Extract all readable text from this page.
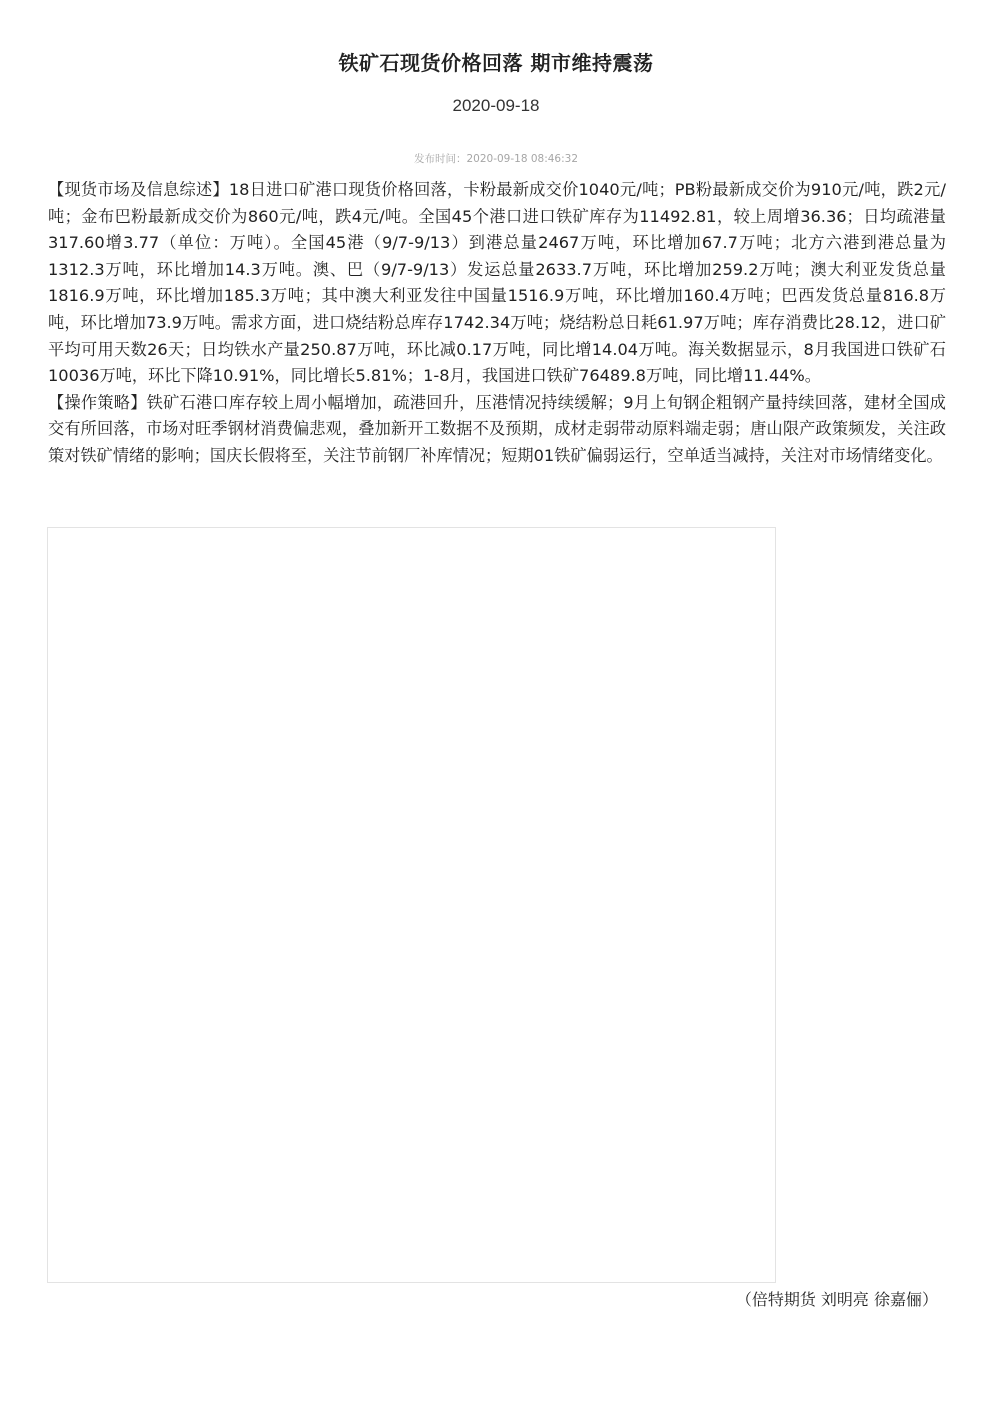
铁矿石现货价格回落 期市维持震荡
2020-09-18
发布时间：2020-09-18 08:46:32

【现货市场及信息综述】18日进口矿港口现货价格回落，卡粉最新成交价1040元/吨；PB粉最新成交价为910元/吨，跌2元/吨；金布巴粉最新成交价为860元/吨，跌4元/吨。全国45个港口进口铁矿库存为11492.81，较上周增36.36；日均疏港量317.60增3.77（单位：万吨）。全国45港（9/7-9/13）到港总量2467万吨，环比增加67.7万吨；北方六港到港总量为1312.3万吨，环比增加14.3万吨。澳、巴（9/7-9/13）发运总量2633.7万吨，环比增加259.2万吨；澳大利亚发货总量1816.9万吨，环比增加185.3万吨；其中澳大利亚发往中国量1516.9万吨，环比增加160.4万吨；巴西发货总量816.8万吨，环比增加73.9万吨。需求方面，进口烧结粉总库存1742.34万吨；烧结粉总日耗61.97万吨；库存消费比28.12，进口矿平均可用天数26天；日均铁水产量250.87万吨，环比减0.17万吨，同比增14.04万吨。海关数据显示，8月我国进口铁矿石10036万吨，环比下降10.91%，同比增长5.81%；1-8月，我国进口铁矿76489.8万吨，同比增11.44%。

【操作策略】铁矿石港口库存较上周小幅增加，疏港回升，压港情况持续缓解；9月上旬钢企粗钢产量持续回落，建材全国成交有所回落，市场对旺季钢材消费偏悲观，叠加新开工数据不及预期，成材走弱带动原料端走弱；唐山限产政策频发，关注政策对铁矿情绪的影响；国庆长假将至，关注节前钢厂补库情况；短期01铁矿偏弱运行，空单适当减持，关注对市场情绪变化。

（倍特期货 刘明亮 徐嘉俪）
